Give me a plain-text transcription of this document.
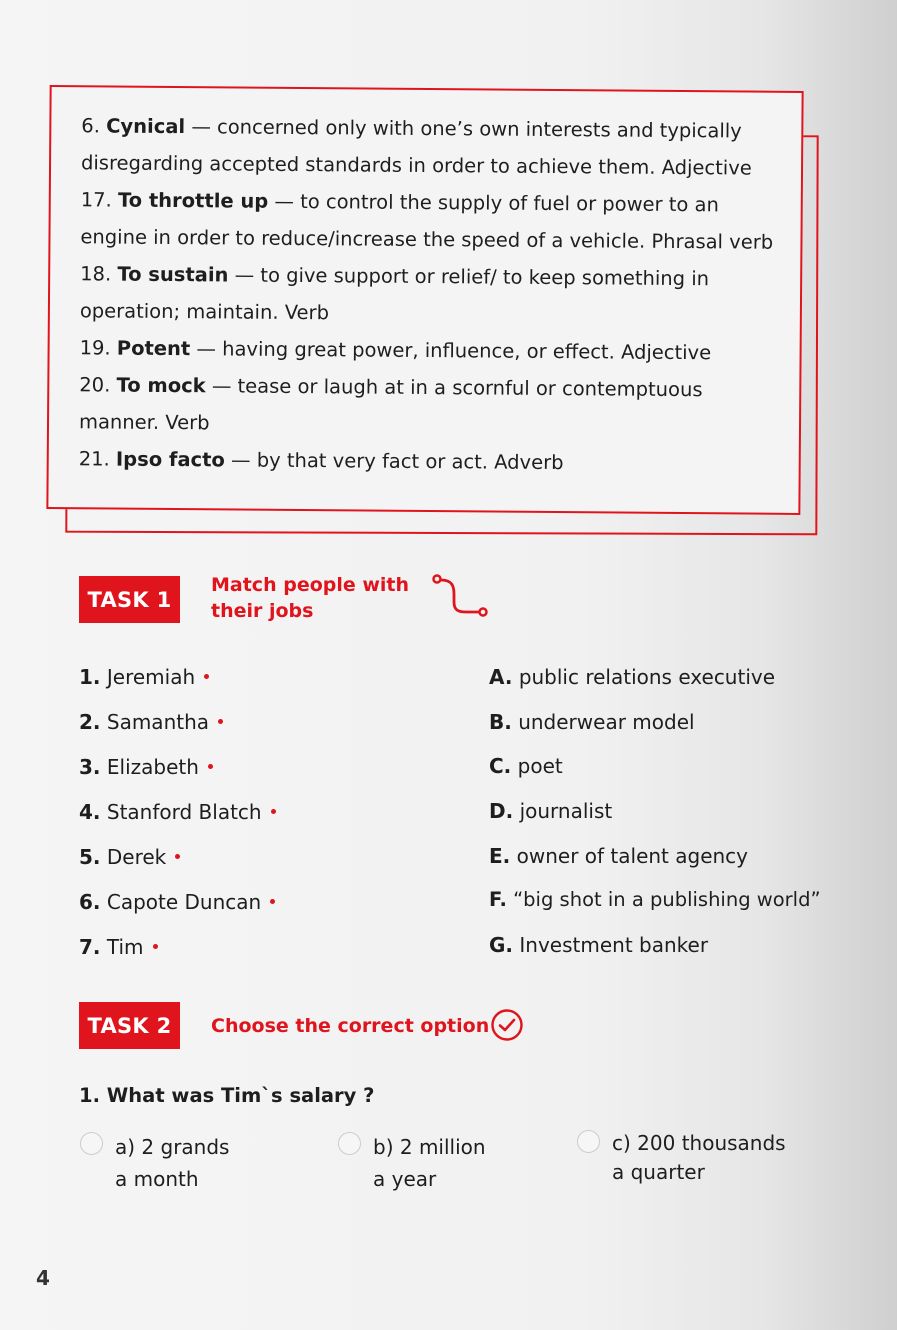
6. Cynical — concerned only with one’s own interests and typically disregarding accepted standards in order to achieve them. Adjective

17. To throttle up — to control the supply of fuel or power to an engine in order to reduce/increase the speed of a vehicle. Phrasal verb

18. To sustain — to give support or relief/ to keep something in operation; maintain. Verb

19. Potent — having great power, influence, or effect. Adjective

20. To mock — tease or laugh at in a scornful or contemptuous manner. Verb

21. Ipso facto — by that very fact or act. Adverb

TASK 1
Match people with
their jobs
1. Jeremiah
2. Samantha
3. Elizabeth
4. Stanford Blatch
5. Derek
6. Capote Duncan
7. Tim
A. public relations executive
B. underwear model
C. poet
D. journalist
E. owner of talent agency
F. “big shot in a publishing world”
G. Investment banker
TASK 2	Choose the correct option
1. What was Tim`s salary ?
a) 2 grands
a month
b) 2 million
a year
c) 200 thousands
a quarter
4
